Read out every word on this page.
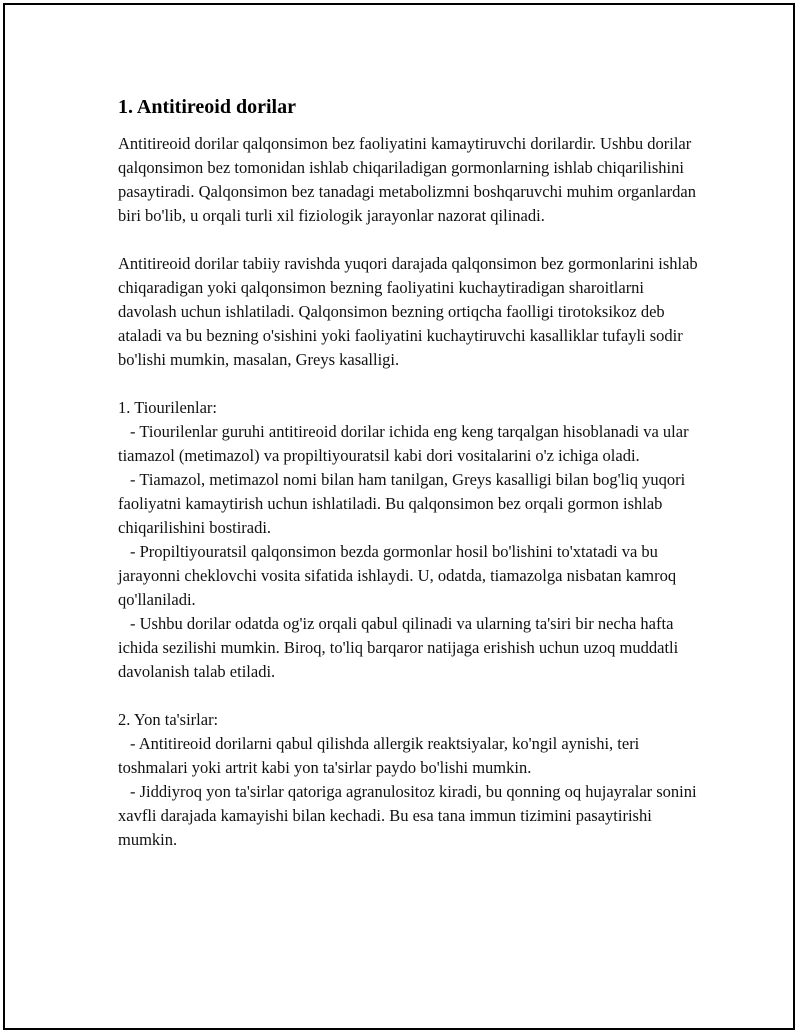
1. Antitireoid dorilar

Antitireoid dorilar qalqonsimon bez faoliyatini kamaytiruvchi dorilardir. Ushbu dorilar qalqonsimon bez tomonidan ishlab chiqariladigan gormonlarning ishlab chiqarilishini pasaytiradi. Qalqonsimon bez tanadagi metabolizmni boshqaruvchi muhim organlardan biri bo'lib, u orqali turli xil fiziologik jarayonlar nazorat qilinadi.

Antitireoid dorilar tabiiy ravishda yuqori darajada qalqonsimon bez gormonlarini ishlab chiqaradigan yoki qalqonsimon bezning faoliyatini kuchaytiradigan sharoitlarni davolash uchun ishlatiladi. Qalqonsimon bezning ortiqcha faolligi tirotoksikoz deb ataladi va bu bezning o'sishini yoki faoliyatini kuchaytiruvchi kasalliklar tufayli sodir bo'lishi mumkin, masalan, Greys kasalligi.

1. Tiourilenlar:

- Tiourilenlar guruhi antitireoid dorilar ichida eng keng tarqalgan hisoblanadi va ular tiamazol (metimazol) va propiltiyouratsil kabi dori vositalarini o'z ichiga oladi.

- Tiamazol, metimazol nomi bilan ham tanilgan, Greys kasalligi bilan bog'liq yuqori faoliyatni kamaytirish uchun ishlatiladi. Bu qalqonsimon bez orqali gormon ishlab chiqarilishini bostiradi.

- Propiltiyouratsil qalqonsimon bezda gormonlar hosil bo'lishini to'xtatadi va bu jarayonni cheklovchi vosita sifatida ishlaydi. U, odatda, tiamazolga nisbatan kamroq qo'llaniladi.

- Ushbu dorilar odatda og'iz orqali qabul qilinadi va ularning ta'siri bir necha hafta ichida sezilishi mumkin. Biroq, to'liq barqaror natijaga erishish uchun uzoq muddatli davolanish talab etiladi.

2. Yon ta'sirlar:

- Antitireoid dorilarni qabul qilishda allergik reaktsiyalar, ko'ngil aynishi, teri toshmalari yoki artrit kabi yon ta'sirlar paydo bo'lishi mumkin.

- Jiddiyroq yon ta'sirlar qatoriga agranulositoz kiradi, bu qonning oq hujayralar sonini xavfli darajada kamayishi bilan kechadi. Bu esa tana immun tizimini pasaytirishi mumkin.
